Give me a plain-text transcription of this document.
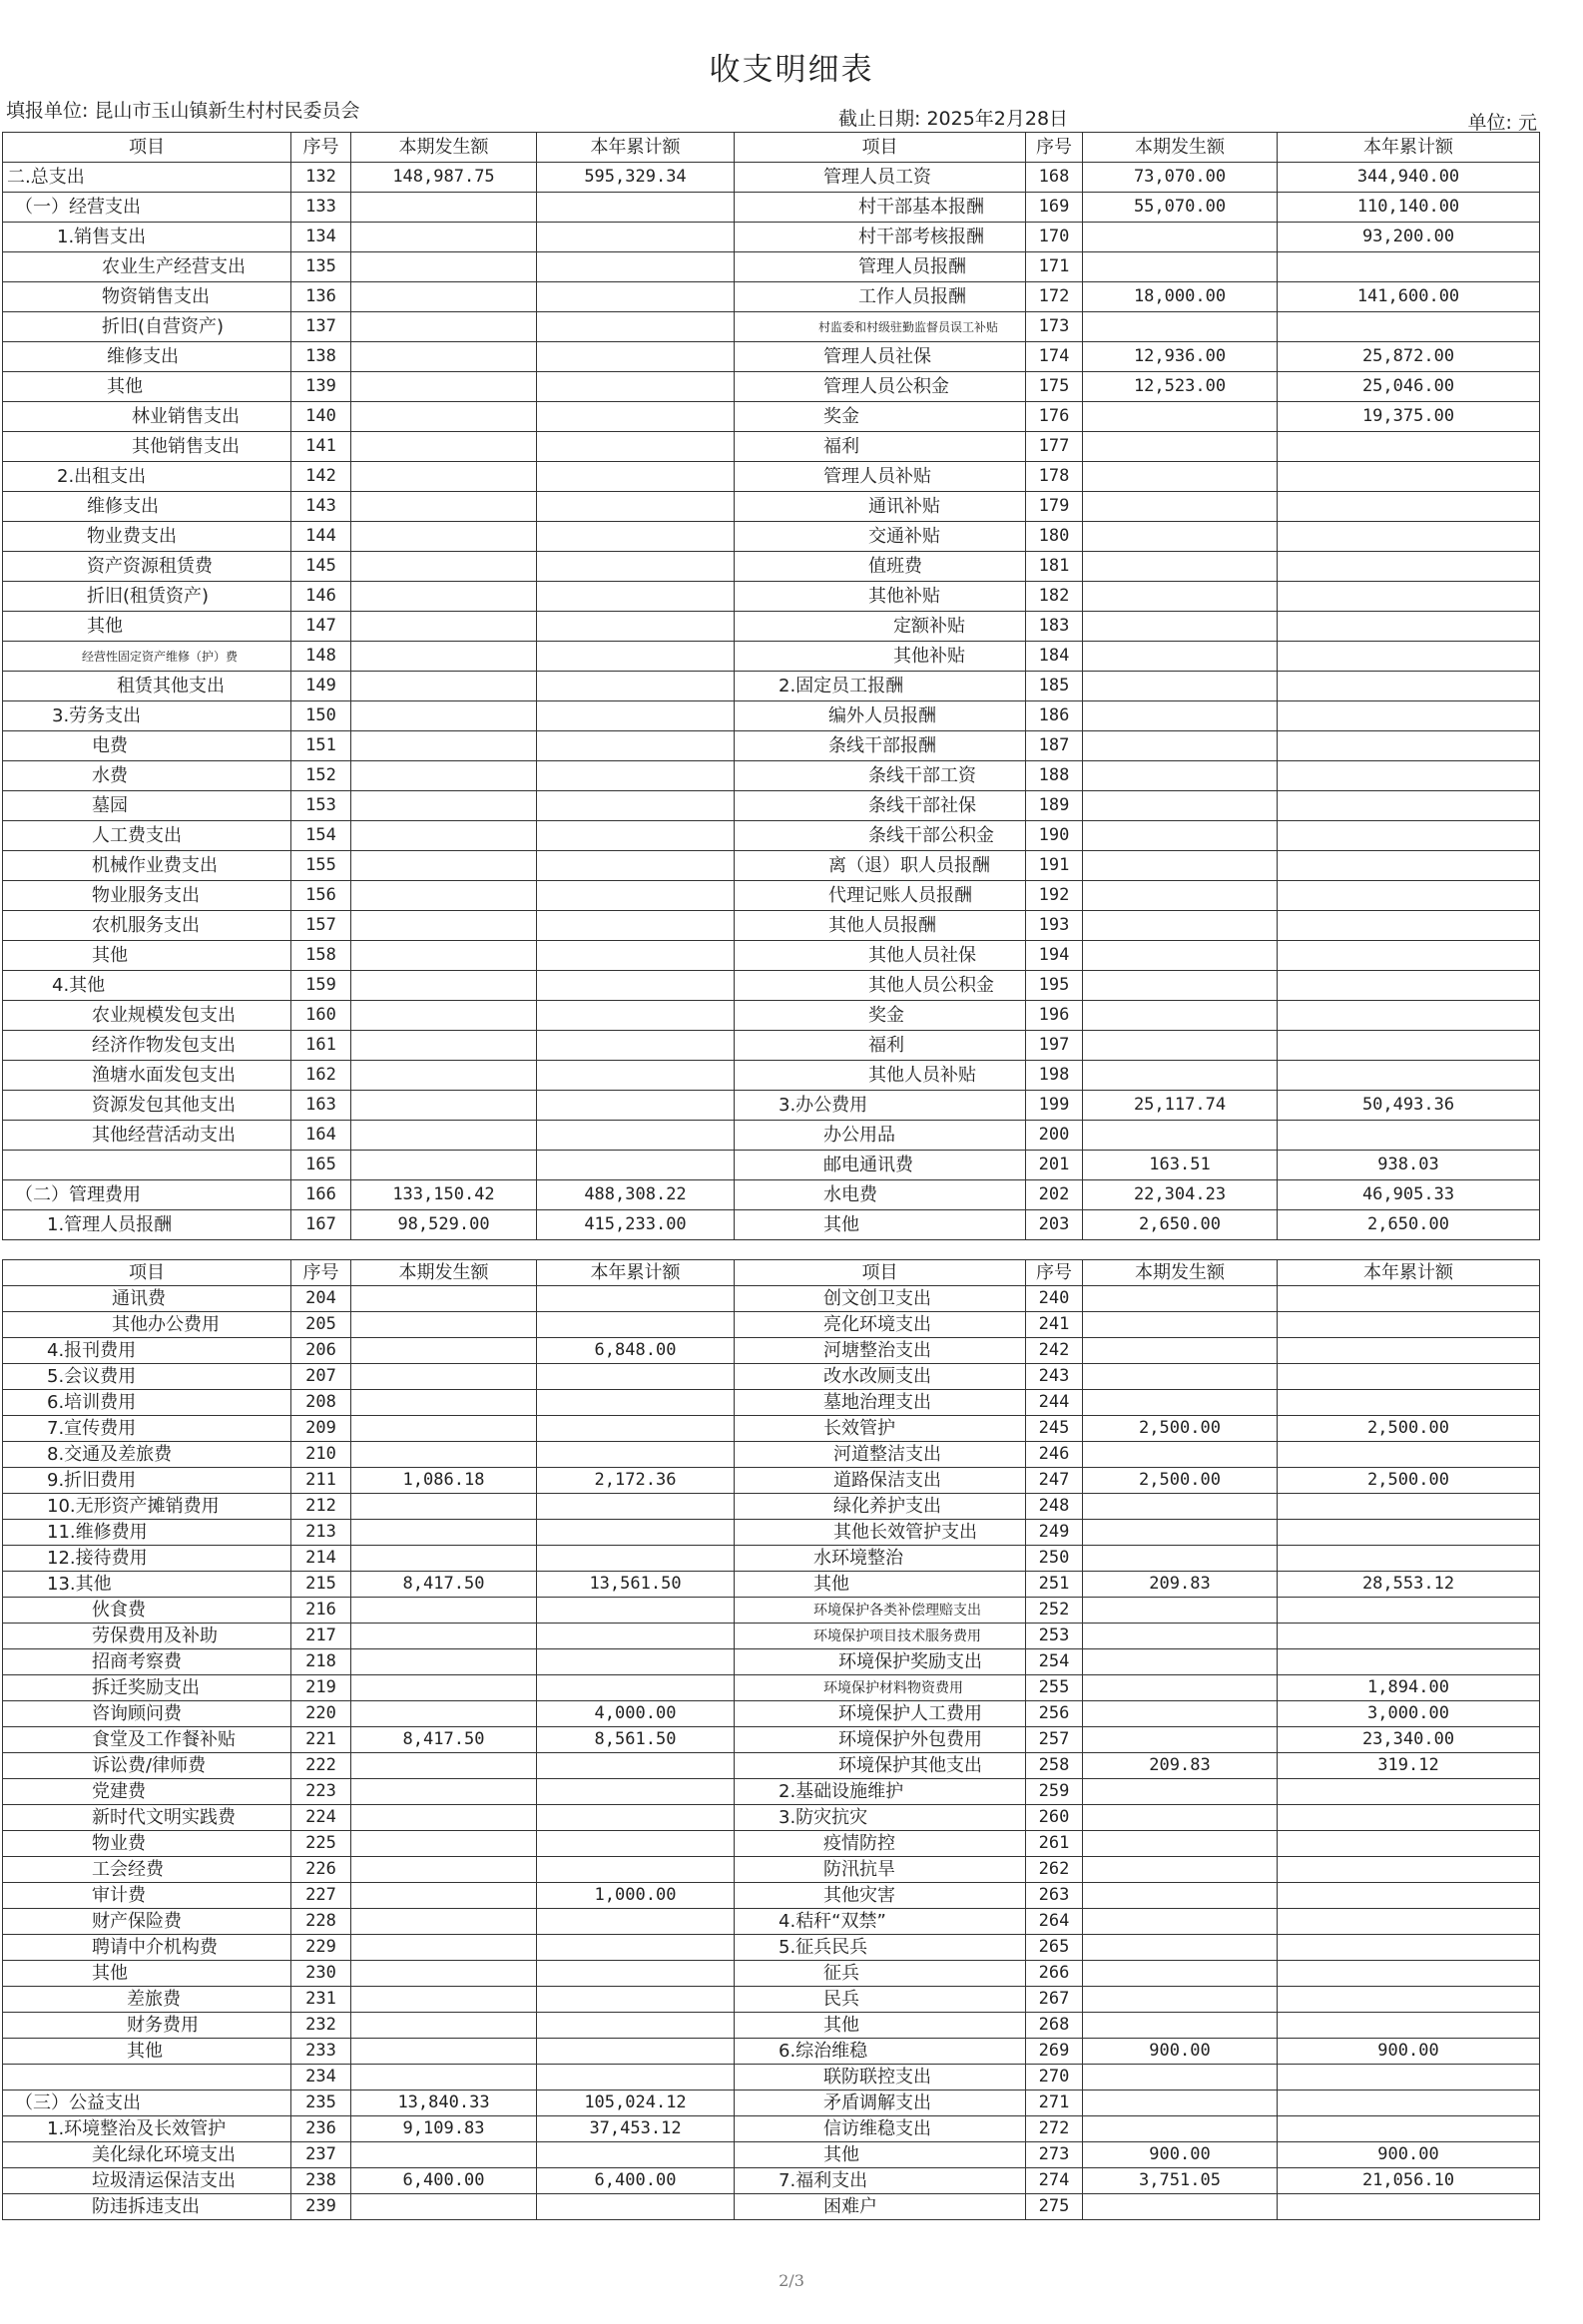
收支明细表
填报单位: 昆山市玉山镇新生村村民委员会	截止日期: 2025年2月28日	单位: 元
项目	序号	本期发生额	本年累计额	项目	序号	本期发生额	本年累计额
二.总支出	132	148,987.75	595,329.34	管理人员工资	168	73,070.00	344,940.00
（一）经营支出	133			村干部基本报酬	169	55,070.00	110,140.00
1.销售支出	134			村干部考核报酬	170		93,200.00
农业生产经营支出	135			管理人员报酬	171		
物资销售支出	136			工作人员报酬	172	18,000.00	141,600.00
折旧(自营资产)	137			村监委和村级驻勤监督员误工补贴	173		
维修支出	138			管理人员社保	174	12,936.00	25,872.00
其他	139			管理人员公积金	175	12,523.00	25,046.00
林业销售支出	140			奖金	176		19,375.00
其他销售支出	141			福利	177		
2.出租支出	142			管理人员补贴	178		
维修支出	143			通讯补贴	179		
物业费支出	144			交通补贴	180		
资产资源租赁费	145			值班费	181		
折旧(租赁资产)	146			其他补贴	182		
其他	147			定额补贴	183		
经营性固定资产维修（护）费	148			其他补贴	184		
租赁其他支出	149			2.固定员工报酬	185		
3.劳务支出	150			编外人员报酬	186		
电费	151			条线干部报酬	187		
水费	152			条线干部工资	188		
墓园	153			条线干部社保	189		
人工费支出	154			条线干部公积金	190		
机械作业费支出	155			离（退）职人员报酬	191		
物业服务支出	156			代理记账人员报酬	192		
农机服务支出	157			其他人员报酬	193		
其他	158			其他人员社保	194		
4.其他	159			其他人员公积金	195		
农业规模发包支出	160			奖金	196		
经济作物发包支出	161			福利	197		
渔塘水面发包支出	162			其他人员补贴	198		
资源发包其他支出	163			3.办公费用	199	25,117.74	50,493.36
其他经营活动支出	164			办公用品	200		
	165			邮电通讯费	201	163.51	938.03
（二）管理费用	166	133,150.42	488,308.22	水电费	202	22,304.23	46,905.33
1.管理人员报酬	167	98,529.00	415,233.00	其他	203	2,650.00	2,650.00
项目	序号	本期发生额	本年累计额	项目	序号	本期发生额	本年累计额
通讯费	204			创文创卫支出	240		
其他办公费用	205			亮化环境支出	241		
4.报刊费用	206		6,848.00	河塘整治支出	242		
5.会议费用	207			改水改厕支出	243		
6.培训费用	208			墓地治理支出	244		
7.宣传费用	209			长效管护	245	2,500.00	2,500.00
8.交通及差旅费	210			河道整洁支出	246		
9.折旧费用	211	1,086.18	2,172.36	道路保洁支出	247	2,500.00	2,500.00
10.无形资产摊销费用	212			绿化养护支出	248		
11.维修费用	213			其他长效管护支出	249		
12.接待费用	214			水环境整治	250		
13.其他	215	8,417.50	13,561.50	其他	251	209.83	28,553.12
伙食费	216			环境保护各类补偿理赔支出	252		
劳保费用及补助	217			环境保护项目技术服务费用	253		
招商考察费	218			环境保护奖励支出	254		
拆迁奖励支出	219			环境保护材料物资费用	255		1,894.00
咨询顾问费	220		4,000.00	环境保护人工费用	256		3,000.00
食堂及工作餐补贴	221	8,417.50	8,561.50	环境保护外包费用	257		23,340.00
诉讼费/律师费	222			环境保护其他支出	258	209.83	319.12
党建费	223			2.基础设施维护	259		
新时代文明实践费	224			3.防灾抗灾	260		
物业费	225			疫情防控	261		
工会经费	226			防汛抗旱	262		
审计费	227		1,000.00	其他灾害	263		
财产保险费	228			4.秸秆“双禁”	264		
聘请中介机构费	229			5.征兵民兵	265		
其他	230			征兵	266		
差旅费	231			民兵	267		
财务费用	232			其他	268		
其他	233			6.综治维稳	269	900.00	900.00
	234			联防联控支出	270		
（三）公益支出	235	13,840.33	105,024.12	矛盾调解支出	271		
1.环境整治及长效管护	236	9,109.83	37,453.12	信访维稳支出	272		
美化绿化环境支出	237			其他	273	900.00	900.00
垃圾清运保洁支出	238	6,400.00	6,400.00	7.福利支出	274	3,751.05	21,056.10
防违拆违支出	239			困难户	275		
2/3
